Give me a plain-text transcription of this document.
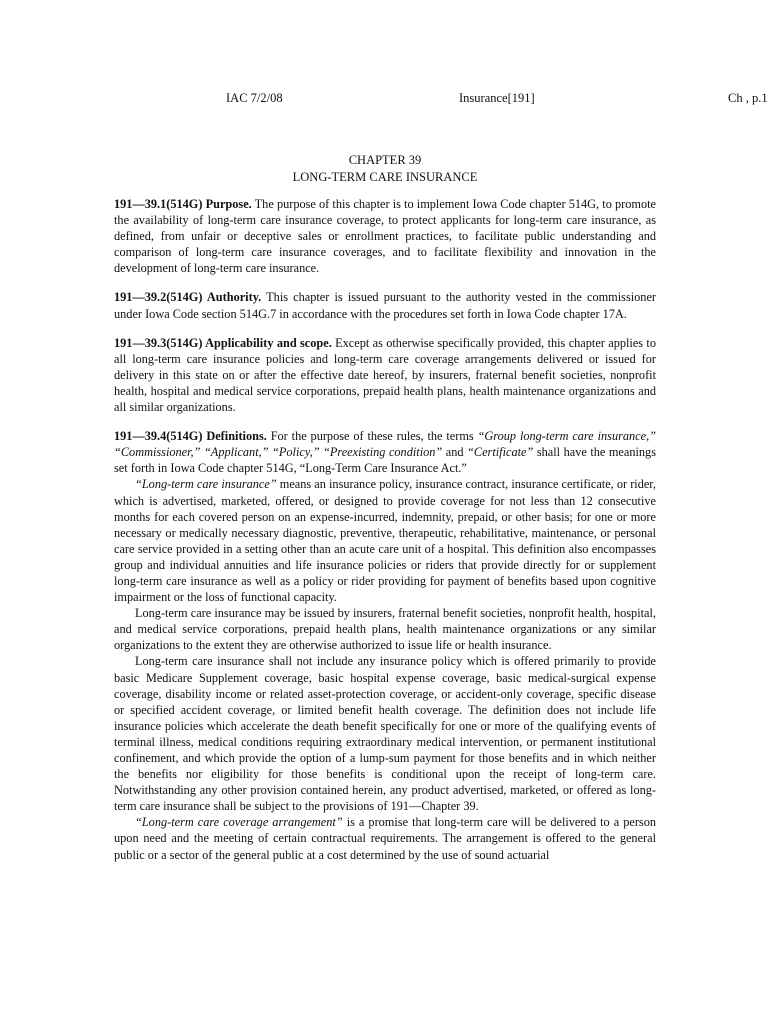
IAC 7/2/08	Insurance[191]	Ch , p.1
CHAPTER 39
LONG-TERM CARE INSURANCE

191—39.1(514G) Purpose. The purpose of this chapter is to implement Iowa Code chapter 514G, to promote the availability of long-term care insurance coverage, to protect applicants for long-term care insurance, as defined, from unfair or deceptive sales or enrollment practices, to facilitate public understanding and comparison of long-term care insurance coverages, and to facilitate flexibility and innovation in the development of long-term care insurance.

191—39.2(514G) Authority. This chapter is issued pursuant to the authority vested in the commissioner under Iowa Code section 514G.7 in accordance with the procedures set forth in Iowa Code chapter 17A.

191—39.3(514G) Applicability and scope. Except as otherwise specifically provided, this chapter applies to all long-term care insurance policies and long-term care coverage arrangements delivered or issued for delivery in this state on or after the effective date hereof, by insurers, fraternal benefit societies, nonprofit health, hospital and medical service corporations, prepaid health plans, health maintenance organizations and all similar organizations.

191—39.4(514G) Definitions. For the purpose of these rules, the terms “Group long-term care insurance,” “Commissioner,” “Applicant,” “Policy,” “Preexisting condition” and “Certificate” shall have the meanings set forth in Iowa Code chapter 514G, “Long-Term Care Insurance Act.”

“Long-term care insurance” means an insurance policy, insurance contract, insurance certificate, or rider, which is advertised, marketed, offered, or designed to provide coverage for not less than 12 consecutive months for each covered person on an expense-incurred, indemnity, prepaid, or other basis; for one or more necessary or medically necessary diagnostic, preventive, therapeutic, rehabilitative, maintenance, or personal care service provided in a setting other than an acute care unit of a hospital. This definition also encompasses group and individual annuities and life insurance policies or riders that provide directly for or supplement long-term care insurance as well as a policy or rider providing for payment of benefits based upon cognitive impairment or the loss of functional capacity.

Long-term care insurance may be issued by insurers, fraternal benefit societies, nonprofit health, hospital, and medical service corporations, prepaid health plans, health maintenance organizations or any similar organizations to the extent they are otherwise authorized to issue life or health insurance.

Long-term care insurance shall not include any insurance policy which is offered primarily to provide basic Medicare Supplement coverage, basic hospital expense coverage, basic medical-surgical expense coverage, disability income or related asset-protection coverage, or accident-only coverage, specific disease or specified accident coverage, or limited benefit health coverage. The definition does not include life insurance policies which accelerate the death benefit specifically for one or more of the qualifying events of terminal illness, medical conditions requiring extraordinary medical intervention, or permanent institutional confinement, and which provide the option of a lump-sum payment for those benefits and in which neither the benefits nor eligibility for those benefits is conditional upon the receipt of long-term care. Notwithstanding any other provision contained herein, any product advertised, marketed, or offered as long-term care insurance shall be subject to the provisions of 191—Chapter 39.

“Long-term care coverage arrangement” is a promise that long-term care will be delivered to a person upon need and the meeting of certain contractual requirements. The arrangement is offered to the general public or a sector of the general public at a cost determined by the use of sound actuarial
